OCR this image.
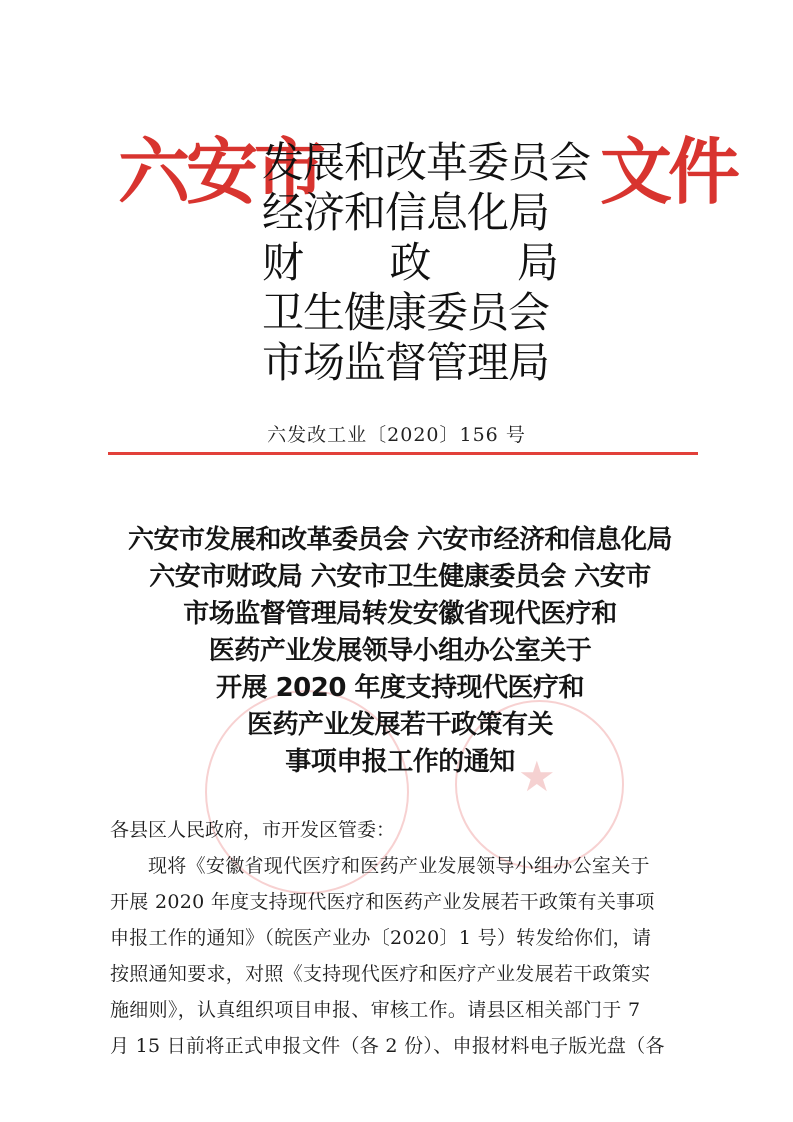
六安市
发展和改革委员会
经济和信息化局
财 政 局
卫生健康委员会
市场监督管理局
文件
六发改工业〔2020〕156 号
★
六安市发展和改革委员会 六安市经济和信息化局
六安市财政局 六安市卫生健康委员会 六安市
市场监督管理局转发安徽省现代医疗和
医药产业发展领导小组办公室关于
开展 2020 年度支持现代医疗和
医药产业发展若干政策有关
事项申报工作的通知
各县区人民政府，市开发区管委：
现将《安徽省现代医疗和医药产业发展领导小组办公室关于
开展 2020 年度支持现代医疗和医药产业发展若干政策有关事项
申报工作的通知》（皖医产业办〔2020〕1 号）转发给你们，请
按照通知要求，对照《支持现代医疗和医疗产业发展若干政策实
施细则》，认真组织项目申报、审核工作。请县区相关部门于 7
月 15 日前将正式申报文件（各 2 份）、申报材料电子版光盘（各
